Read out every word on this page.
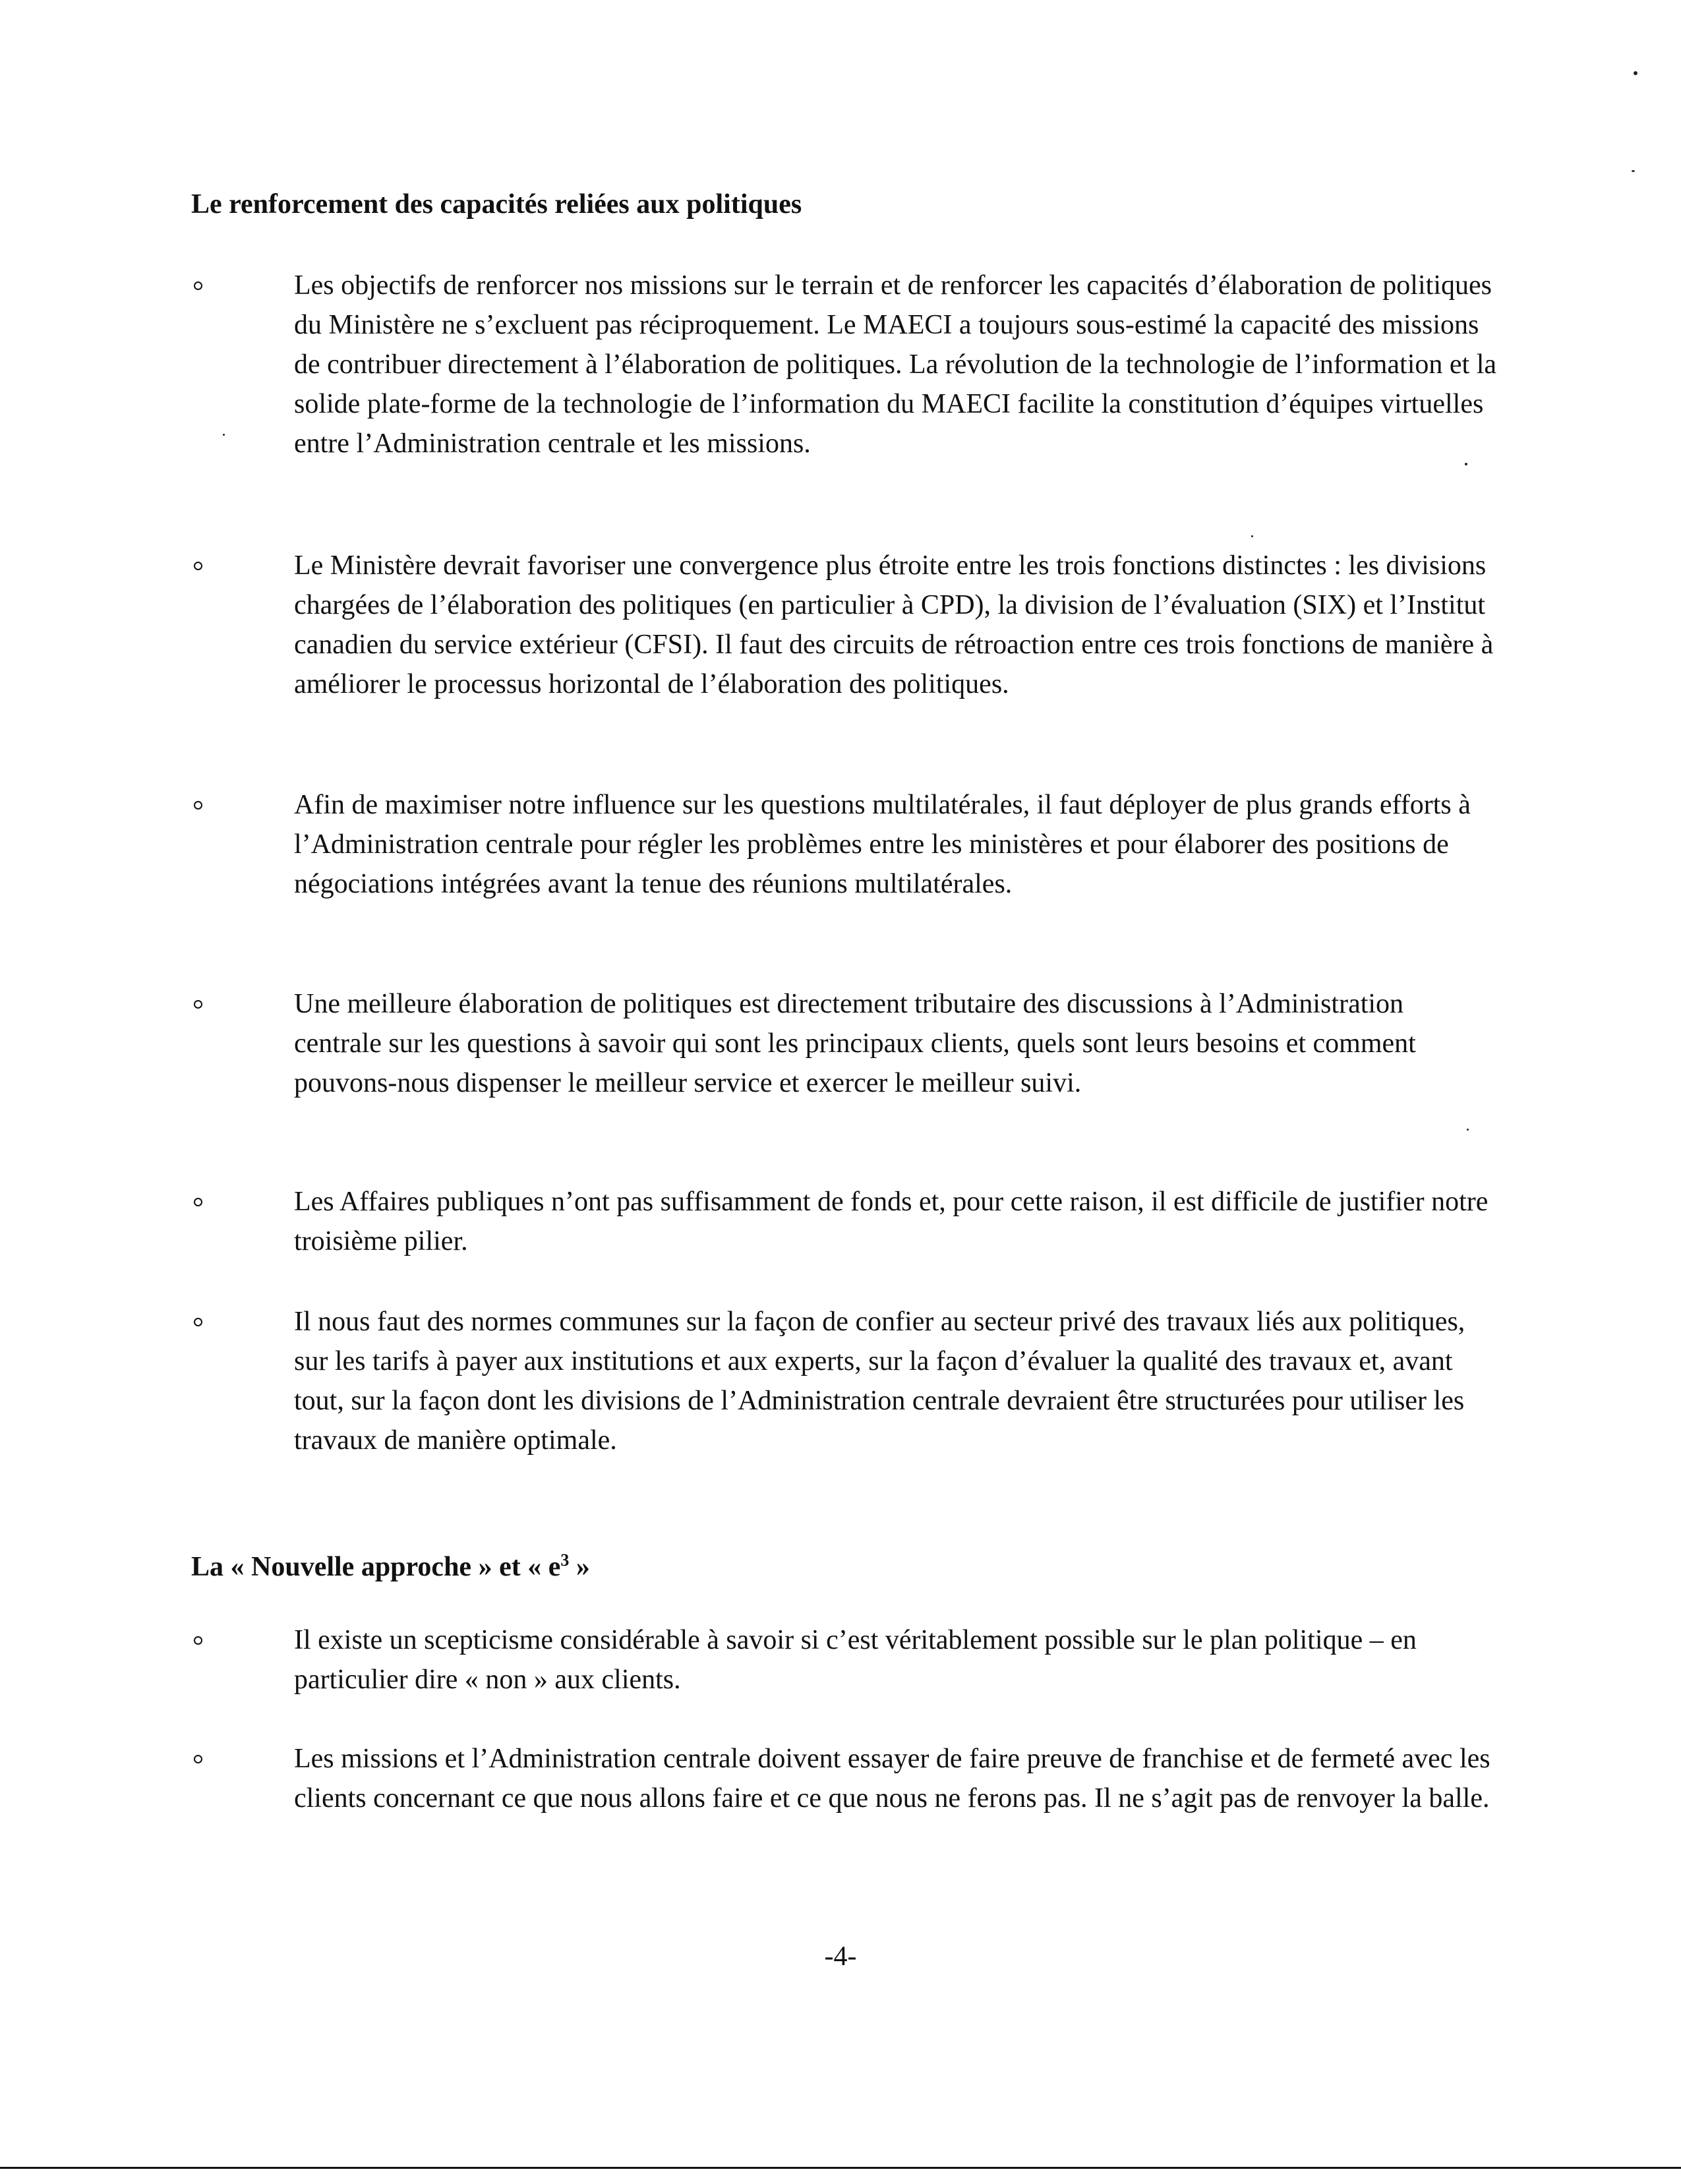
Le renforcement des capacités reliées aux politiques

Les objectifs de renforcer nos missions sur le terrain et de renforcer les capacités d’élaboration de politiques du Ministère ne s’excluent pas réciproquement. Le MAECI a toujours sous-estimé la capacité des missions de contribuer directement à l’élaboration de politiques. La révolution de la technologie de l’information et la solide plate-forme de la technologie de l’information du MAECI facilite la constitution d’équipes virtuelles entre l’Administration centrale et les missions.

Le Ministère devrait favoriser une convergence plus étroite entre les trois fonctions distinctes : les divisions chargées de l’élaboration des politiques (en particulier à CPD), la division de l’évaluation (SIX) et l’Institut canadien du service extérieur (CFSI). Il faut des circuits de rétroaction entre ces trois fonctions de manière à améliorer le processus horizontal de l’élaboration des politiques.

Afin de maximiser notre influence sur les questions multilatérales, il faut déployer de plus grands efforts à l’Administration centrale pour régler les problèmes entre les ministères et pour élaborer des positions de négociations intégrées avant la tenue des réunions multilatérales.

Une meilleure élaboration de politiques est directement tributaire des discussions à l’Administration centrale sur les questions à savoir qui sont les principaux clients, quels sont leurs besoins et comment pouvons-nous dispenser le meilleur service et exercer le meilleur suivi.

Les Affaires publiques n’ont pas suffisamment de fonds et, pour cette raison, il est difficile de justifier notre troisième pilier.

Il nous faut des normes communes sur la façon de confier au secteur privé des travaux liés aux politiques, sur les tarifs à payer aux institutions et aux experts, sur la façon d’évaluer la qualité des travaux et, avant tout, sur la façon dont les divisions de l’Administration centrale devraient être structurées pour utiliser les travaux de manière optimale.

La « Nouvelle approche » et « $e^3$ »

Il existe un scepticisme considérable à savoir si c’est véritablement possible sur le plan politique – en particulier dire « non » aux clients.

Les missions et l’Administration centrale doivent essayer de faire preuve de franchise et de fermeté avec les clients concernant ce que nous allons faire et ce que nous ne ferons pas. Il ne s’agit pas de renvoyer la balle.

-4-
